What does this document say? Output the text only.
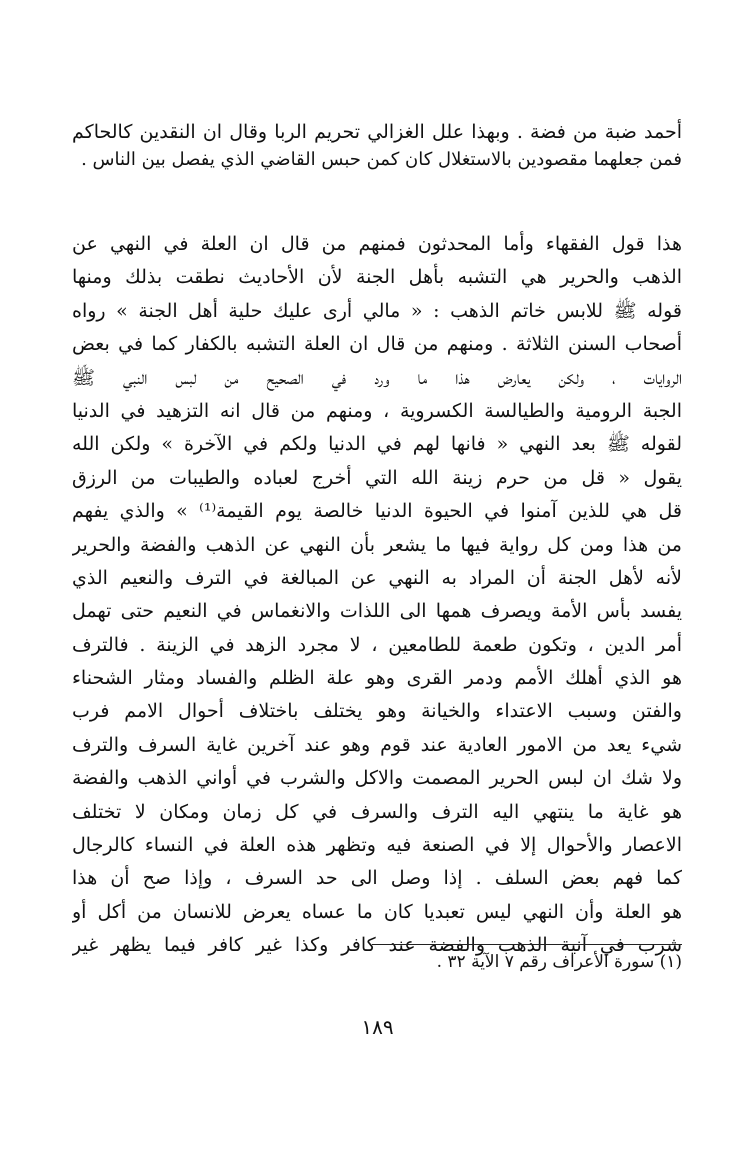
أحمد ضبة من فضة . وبهذا علل الغزالي تحريم الربا وقال ان النقدين كالحاكم
فمن جعلهما مقصودين بالاستغلال كان كمن حبس القاضي الذي يفصل بين الناس .
هذا قول الفقهاء وأما المحدثون فمنهم من قال ان العلة في النهي عن
الذهب والحرير هي التشبه بأهل الجنة لأن الأحاديث نطقت بذلك ومنها
قوله ﷺ للابس خاتم الذهب : « مالي أرى عليك حلية أهل الجنة » رواه
أصحاب السنن الثلاثة . ومنهم من قال ان العلة التشبه بالكفار كما في بعض
الروايات ، ولكن يعارض هذا ما ورد في الصحيح من لبس النبي ﷺ
الجبة الرومية والطيالسة الكسروية ، ومنهم من قال انه التزهيد في الدنيا
لقوله ﷺ بعد النهي « فانها لهم في الدنيا ولكم في الآخرة » ولكن الله
يقول « قل من حرم زينة الله التي أخرج لعباده والطيبات من الرزق
قل هي للذين آمنوا في الحيوة الدنيا خالصة يوم القيمة⁽¹⁾ » والذي يفهم
من هذا ومن كل رواية فيها ما يشعر بأن النهي عن الذهب والفضة والحرير
لأنه لأهل الجنة أن المراد به النهي عن المبالغة في الترف والنعيم الذي
يفسد بأس الأمة ويصرف همها الى اللذات والانغماس في النعيم حتى تهمل
أمر الدين ، وتكون طعمة للطامعين ، لا مجرد الزهد في الزينة . فالترف
هو الذي أهلك الأمم ودمر القرى وهو علة الظلم والفساد ومثار الشحناء
والفتن وسبب الاعتداء والخيانة وهو يختلف باختلاف أحوال الامم فرب
شيء يعد من الامور العادية عند قوم وهو عند آخرين غاية السرف والترف
ولا شك ان لبس الحرير المصمت والاكل والشرب في أواني الذهب والفضة
هو غاية ما ينتهي اليه الترف والسرف في كل زمان ومكان لا تختلف
الاعصار والأحوال إلا في الصنعة فيه وتظهر هذه العلة في النساء كالرجال
كما فهم بعض السلف . إذا وصل الى حد السرف ، وإذا صح أن هذا
هو العلة وأن النهي ليس تعبديا كان ما عساه يعرض للانسان من أكل أو
شرب في آنية الذهب والفضة عند كافر وكذا غير كافر فيما يظهر غير
(١) سورة الأعراف رقم ٧ الآية ٣٢ .
١٨٩
